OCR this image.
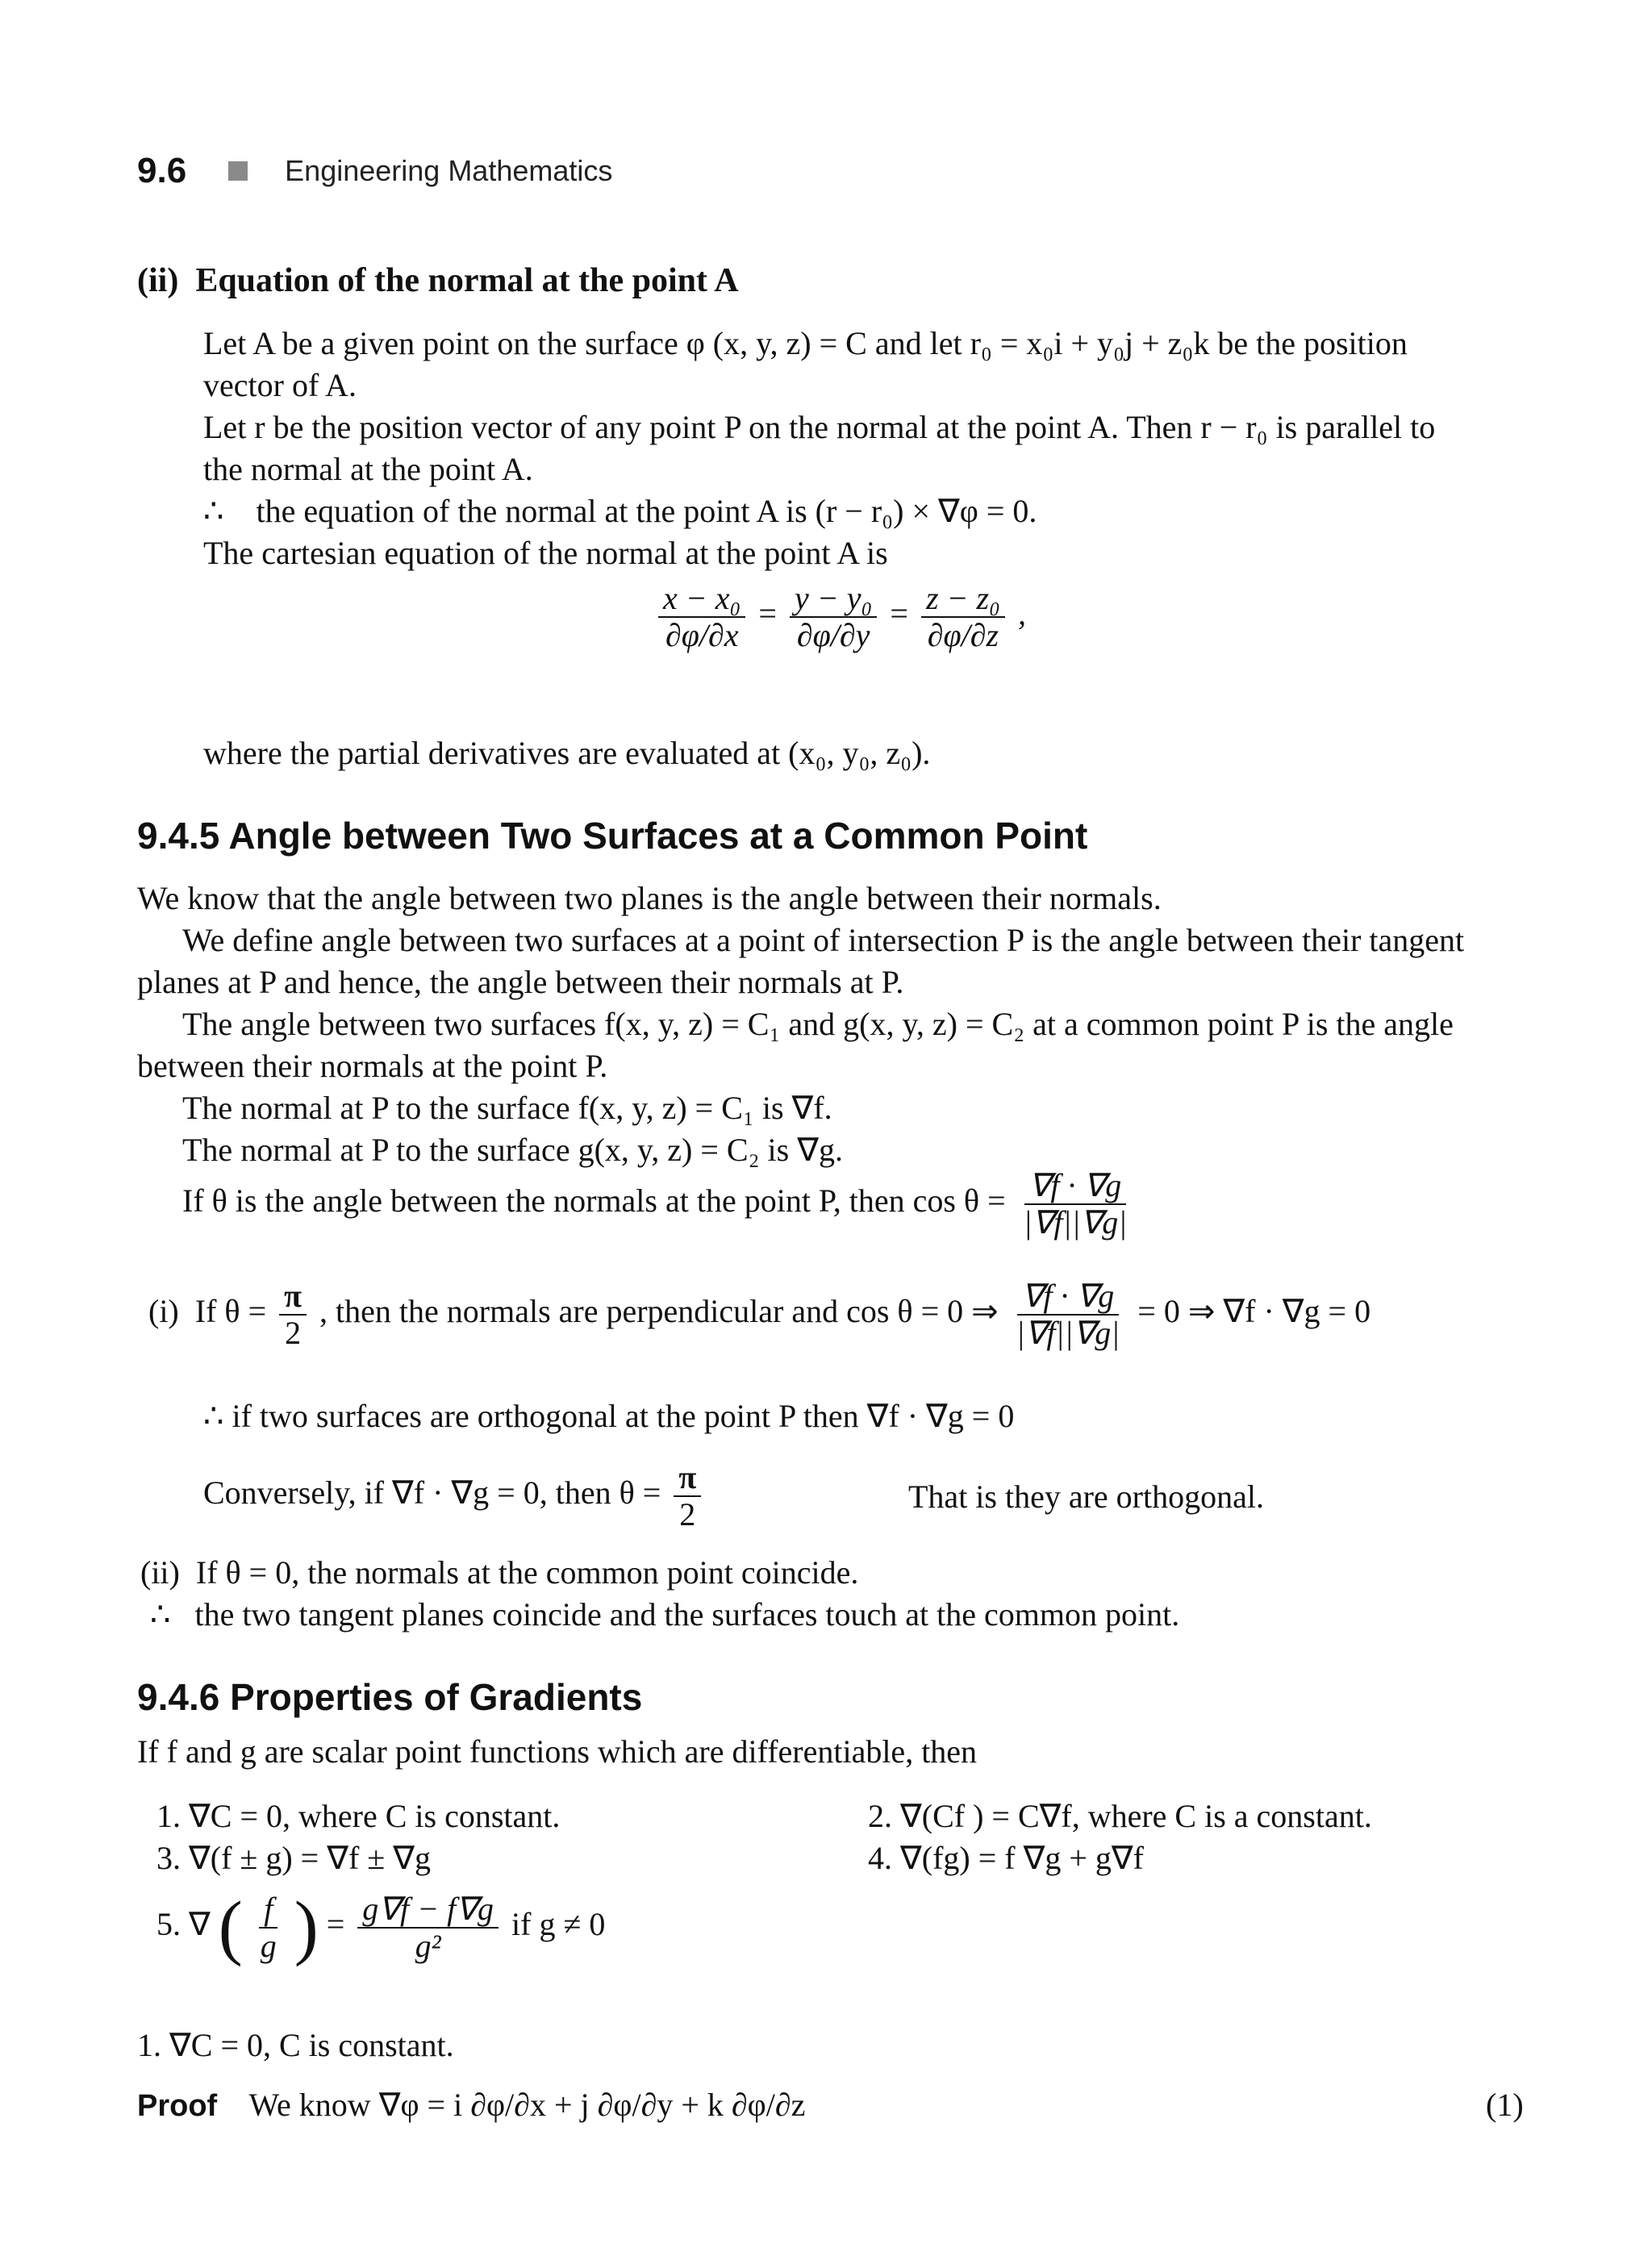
9.6	Engineering Mathematics
(ii) Equation of the normal at the point A
Let A be a given point on the surface φ (x, y, z) = C and let r₀ = x₀i + y₀j + z₀k be the position
vector of A.
Let r be the position vector of any point P on the normal at the point A. Then r − r₀ is parallel to
the normal at the point A.
∴ the equation of the normal at the point A is (r − r₀) × ∇φ = 0.
The cartesian equation of the normal at the point A is
$\frac{\text{x − x₀}}{\partial\varphi/\partial x} = \frac{\text{y − y₀}}{\partial\varphi/\partial y} = \frac{\text{z − z₀}}{\partial\varphi/\partial z}$ ,
where the partial derivatives are evaluated at (x₀, y₀, z₀).
9.4.5 Angle between Two Surfaces at a Common Point
We know that the angle between two planes is the angle between their normals.
We define angle between two surfaces at a point of intersection P is the angle between their tangent
planes at P and hence, the angle between their normals at P.
The angle between two surfaces f(x, y, z) = C₁ and g(x, y, z) = C₂ at a common point P is the angle
between their normals at the point P.
The normal at P to the surface f(x, y, z) = C₁ is ∇f.
The normal at P to the surface g(x, y, z) = C₂ is ∇g.
If θ is the angle between the normals at the point P, then $\cos \theta = \frac{\nabla f \cdot \nabla g}{|\nabla f||\nabla g|}$
(i) If $\theta = \frac{\pi}{2}$ , then the normals are perpendicular and cos θ = 0 ⇒ $\frac{\nabla f \cdot \nabla g}{|\nabla f||\nabla g|} = 0$ ⇒ ∇f · ∇g = 0
∴ if two surfaces are orthogonal at the point P then ∇f · ∇g = 0
Conversely, if ∇f · ∇g = 0, then $\theta = \frac{\pi}{2}$	That is they are orthogonal.
(ii) If θ = 0, the normals at the common point coincide.
∴ the two tangent planes coincide and the surfaces touch at the common point.
9.4.6 Properties of Gradients
If f and g are scalar point functions which are differentiable, then
1. ∇C = 0, where C is constant.	2. ∇(Cf ) = C∇f, where C is a constant.
3. ∇(f ± g) = ∇f ± ∇g	4. ∇(fg) = f ∇g + g∇f
5. ∇ ( $\frac{f}{g}$ ) = $\frac{g\nabla f - f\nabla g}{\text{g²}}$ if g ≠ 0
1. ∇C = 0, C is constant.
Proof We know ∇φ = i ∂φ/∂x + j ∂φ/∂y + k ∂φ/∂z	(1)
